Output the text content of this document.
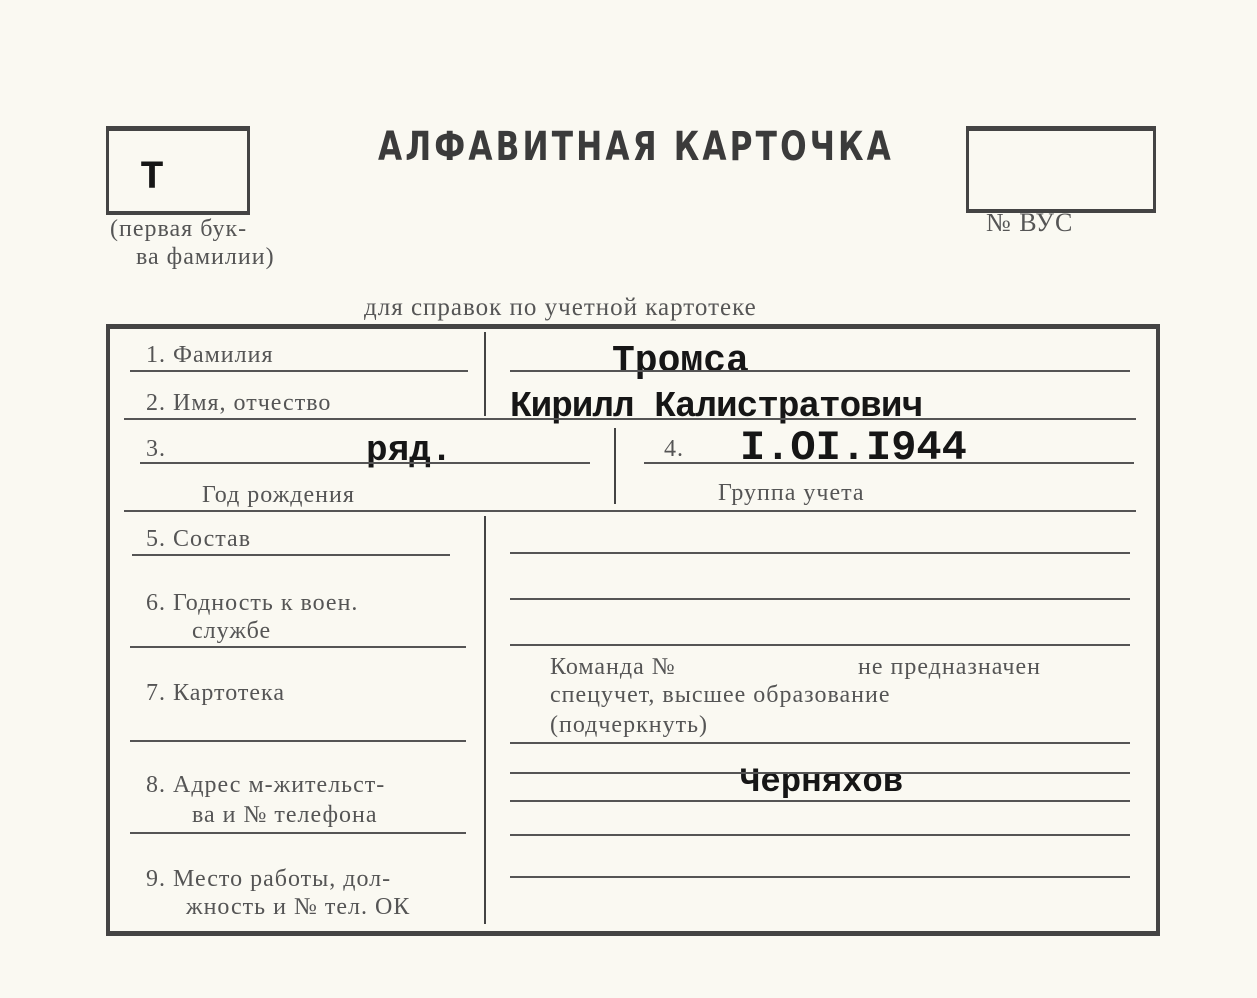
Т
(первая бук-
ва фамилии)
АЛФАВИТНАЯ КАРТОЧКА
№ ВУС
для справок по учетной картотеке
1. Фамилия	Тромса
2. Имя, отчество	Кирилл Калистратович
3.	ряд.	4. I.OI.I944
Год рождения	Группа учета
5. Состав
6. Годность к воен.
службе
7. Картотека
8. Адрес м-жительст-
ва и № телефона
9. Место работы, дол-
жность и № тел. ОК
Команда №	не предназначен
спецучет, высшее образование
(подчеркнуть)
Черняхов
